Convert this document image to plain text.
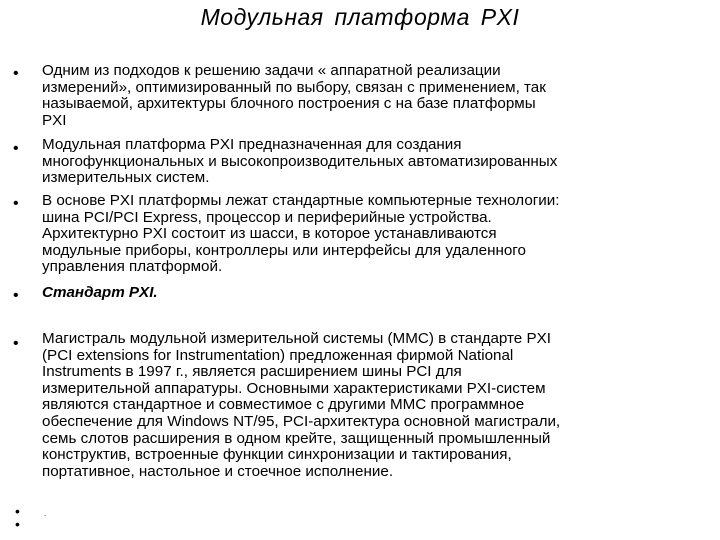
Модульная платформа PXI
• Одним из подходов к решению задачи « аппаратной реализации
измерений», оптимизированный по выбору, связан с применением, так
называемой, архитектуры блочного построения с на базе платформы
PXI
• Модульная платформа PXI предназначенная для создания
многофункциональных и высокопроизводительных автоматизированных
измерительных систем.
• В основе PXI платформы лежат стандартные компьютерные технологии:
шина PCI/PCI Express, процессор и периферийные устройства.
Архитектурно PXI состоит из шасси, в которое устанавливаются
модульные приборы, контроллеры или интерфейсы для удаленного
управления платформой.
• Стандарт PXI.
• Магистраль модульной измерительной системы (ММС) в стандарте PXI
(PCI extensions for Instrumentation) предложенная фирмой National
Instruments в 1997 г., является расширением шины PCI для
измерительной аппаратуры. Основными характеристиками PXI-систем
являются стандартное и совместимое с другими ММС программное
обеспечение для Windows NT/95, PCI-архитектура основной магистрали,
семь слотов расширения в одном крейте, защищенный промышленный
конструктив, встроенные функции синхронизации и тактирования,
портативное, настольное и стоечное исполнение.
•
•
.
